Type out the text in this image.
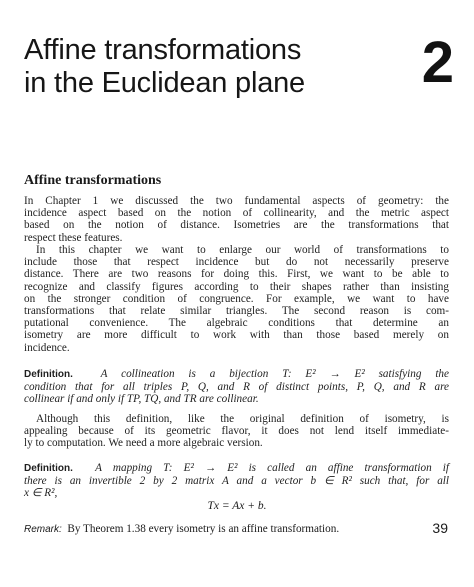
Affine transformations
in the Euclidean plane	2
Affine transformations
In Chapter 1 we discussed the two fundamental aspects of geometry: the
incidence aspect based on the notion of collinearity, and the metric aspect
based on the notion of distance. Isometries are the transformations that
respect these features.
In this chapter we want to enlarge our world of transformations to
include those that respect incidence but do not necessarily preserve
distance. There are two reasons for doing this. First, we want to be able to
recognize and classify figures according to their shapes rather than insisting
on the stronger condition of congruence. For example, we want to have
transformations that relate similar triangles. The second reason is com-
putational convenience. The algebraic conditions that determine an
isometry are more difficult to work with than those based merely on
incidence.
Definition. A collineation is a bijection T: E² → E² satisfying the
condition that for all triples P, Q, and R of distinct points, P, Q, and R are
collinear if and only if TP, TQ, and TR are collinear.
Although this definition, like the original definition of isometry, is
appealing because of its geometric flavor, it does not lend itself immediate-
ly to computation. We need a more algebraic version.
Definition. A mapping T: E² → E² is called an affine transformation if
there is an invertible 2 by 2 matrix A and a vector b ∈ R² such that, for all
x ∈ R²,
Tx = Ax + b.
Remark: By Theorem 1.38 every isometry is an affine transformation.	39
